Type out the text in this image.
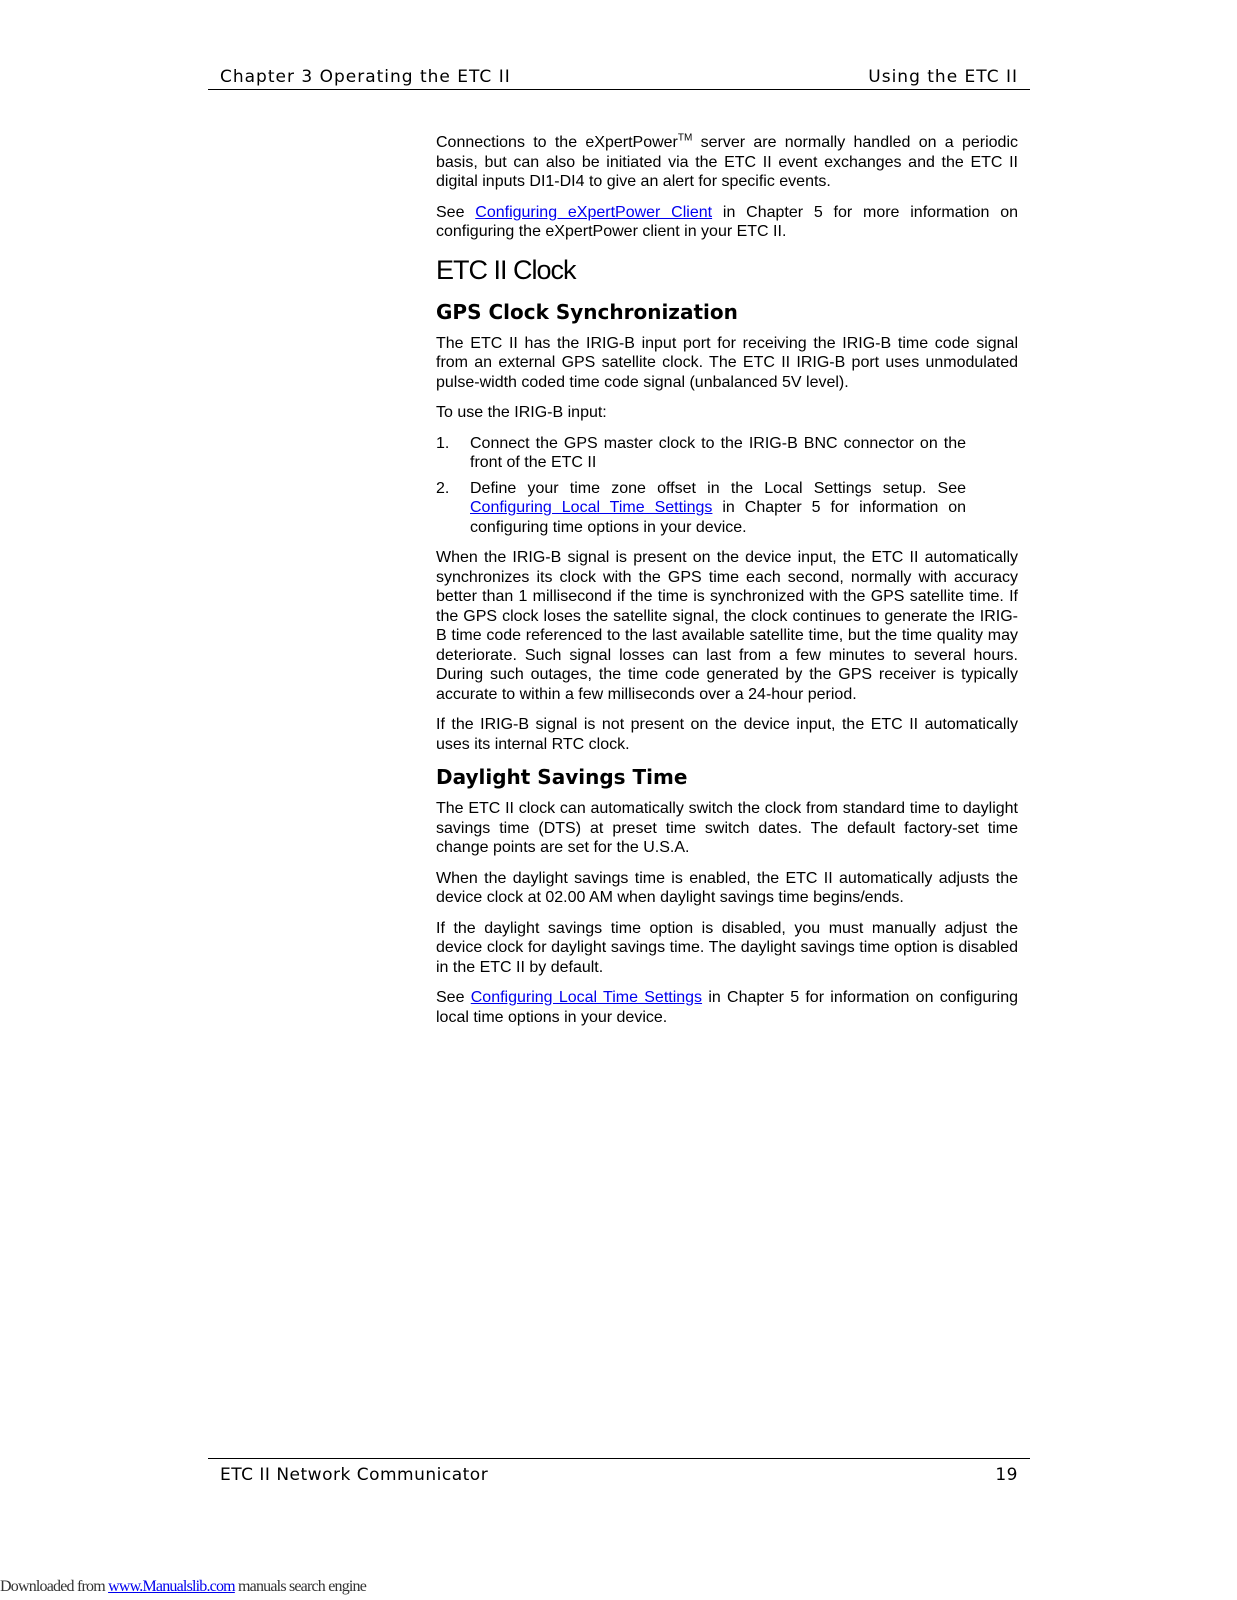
Chapter 3 Operating the ETC II	Using the ETC II

Connections to the eXpertPower™ server are normally handled on a periodic basis, but can also be initiated via the ETC II event exchanges and the ETC II digital inputs DI1-DI4 to give an alert for specific events.

See Configuring eXpertPower Client in Chapter 5 for more information on configuring the eXpertPower client in your ETC II.

ETC II Clock
GPS Clock Synchronization

The ETC II has the IRIG-B input port for receiving the IRIG-B time code signal from an external GPS satellite clock. The ETC II IRIG-B port uses unmodulated pulse-width coded time code signal (unbalanced 5V level).

To use the IRIG-B input:

1.	Connect the GPS master clock to the IRIG-B BNC connector on the front of the ETC II
2.	Define your time zone offset in the Local Settings setup. See Configuring Local Time Settings in Chapter 5 for information on configuring time options in your device.

When the IRIG-B signal is present on the device input, the ETC II automatically synchronizes its clock with the GPS time each second, normally with accuracy better than 1 millisecond if the time is synchronized with the GPS satellite time. If the GPS clock loses the satellite signal, the clock continues to generate the IRIG-B time code referenced to the last available satellite time, but the time quality may deteriorate. Such signal losses can last from a few minutes to several hours. During such outages, the time code generated by the GPS receiver is typically accurate to within a few milliseconds over a 24-hour period.

If the IRIG-B signal is not present on the device input, the ETC II automatically uses its internal RTC clock.

Daylight Savings Time

The ETC II clock can automatically switch the clock from standard time to daylight savings time (DTS) at preset time switch dates. The default factory-set time change points are set for the U.S.A.

When the daylight savings time is enabled, the ETC II automatically adjusts the device clock at 02.00 AM when daylight savings time begins/ends.

If the daylight savings time option is disabled, you must manually adjust the device clock for daylight savings time. The daylight savings time option is disabled in the ETC II by default.

See Configuring Local Time Settings in Chapter 5 for information on configuring local time options in your device.

ETC II Network Communicator	19
Downloaded from www.Manualslib.com manuals search engine
